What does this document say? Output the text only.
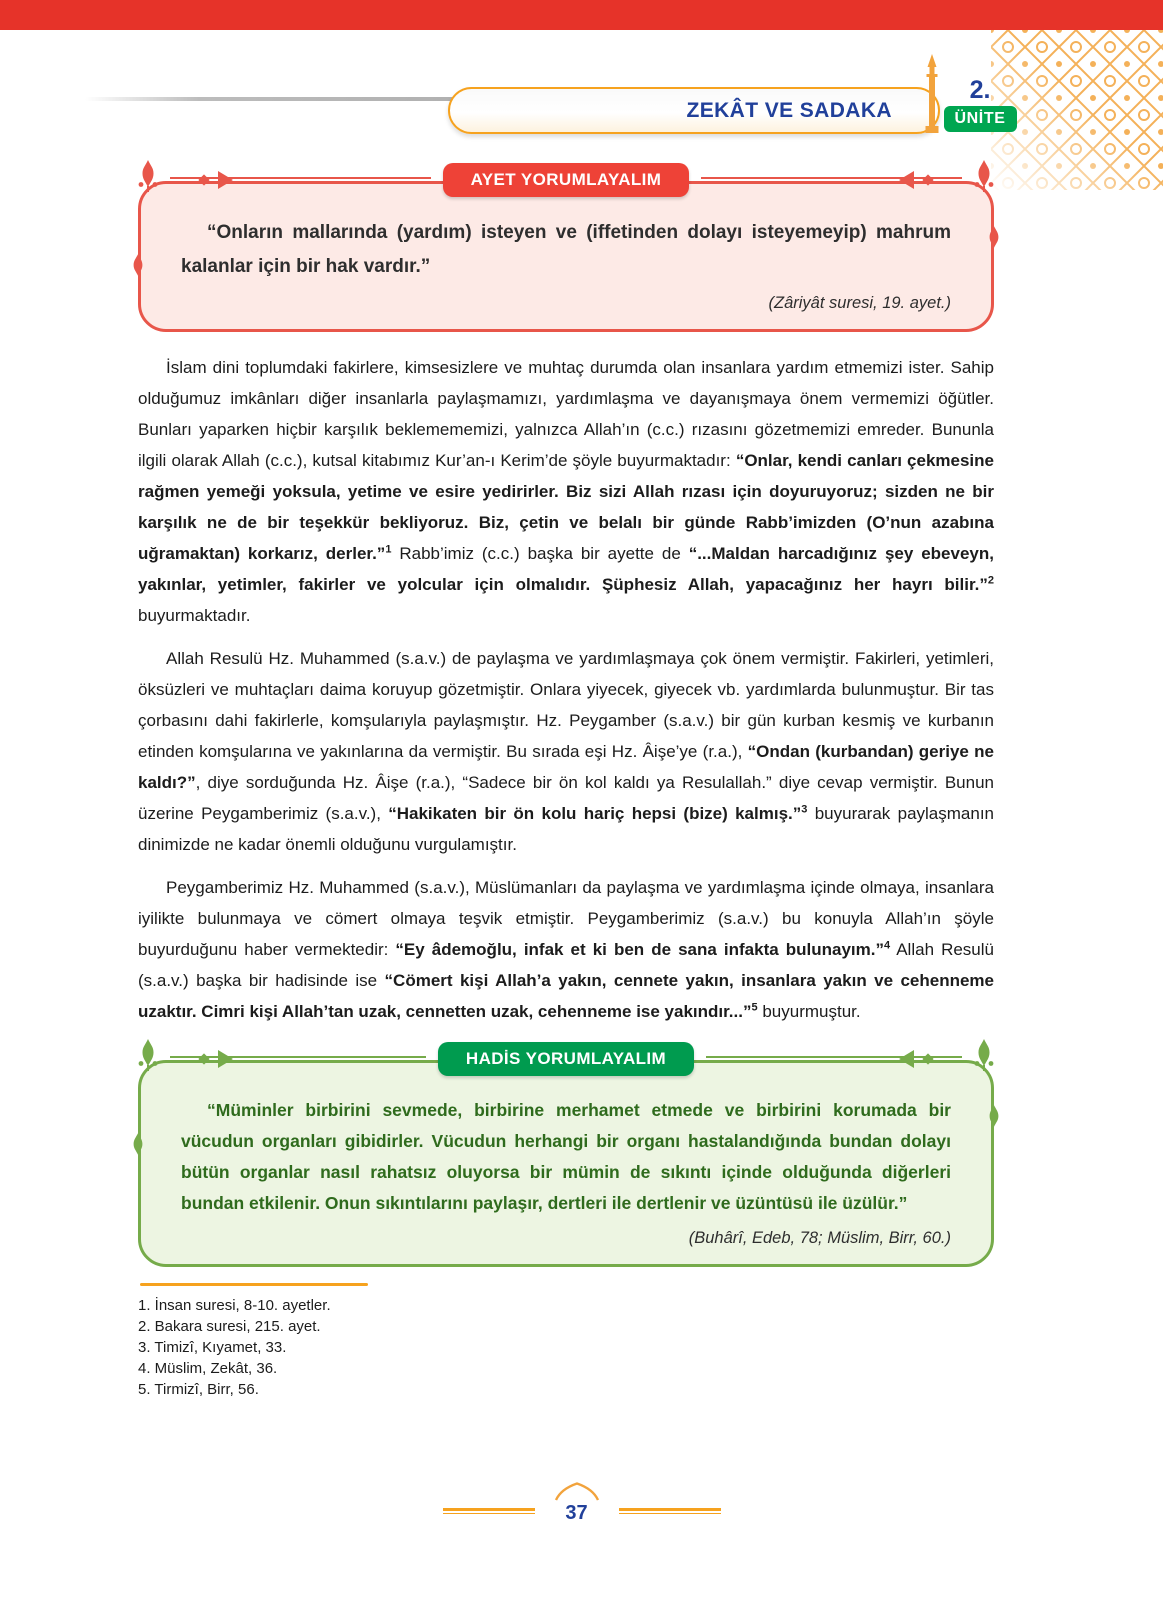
ZEKÂT VE SADAKA
2.
ÜNİTE
AYET YORUMLAYALIM

“Onların mallarında (yardım) isteyen ve (iffetinden dolayı isteyemeyip) mahrum kalanlar için bir hak vardır.”

(Zâriyât suresi, 19. ayet.)

İslam dini toplumdaki fakirlere, kimsesizlere ve muhtaç durumda olan insanlara yardım etmemizi ister. Sahip olduğumuz imkânları diğer insanlarla paylaşmamızı, yardımlaşma ve dayanışmaya önem vermemizi öğütler. Bunları yaparken hiçbir karşılık beklemememizi, yalnızca Allah’ın (c.c.) rızasını gözetmemizi emreder. Bununla ilgili olarak Allah (c.c.), kutsal kitabımız Kur’an-ı Kerim’de şöyle buyurmaktadır: “Onlar, kendi canları çekmesine rağmen yemeği yoksula, yetime ve esire yedirirler. Biz sizi Allah rızası için doyuruyoruz; sizden ne bir karşılık ne de bir teşekkür bekliyoruz. Biz, çetin ve belalı bir günde Rabb’imizden (O’nun azabına uğramaktan) korkarız, derler.”$^1$ Rabb’imiz (c.c.) başka bir ayette de “...Maldan harcadığınız şey ebeveyn, yakınlar, yetimler, fakirler ve yolcular için olmalıdır. Şüphesiz Allah, yapacağınız her hayrı bilir.”$^2$ buyurmaktadır.

Allah Resulü Hz. Muhammed (s.a.v.) de paylaşma ve yardımlaşmaya çok önem vermiştir. Fakirleri, yetimleri, öksüzleri ve muhtaçları daima koruyup gözetmiştir. Onlara yiyecek, giyecek vb. yardımlarda bulunmuştur. Bir tas çorbasını dahi fakirlerle, komşularıyla paylaşmıştır. Hz. Peygamber (s.a.v.) bir gün kurban kesmiş ve kurbanın etinden komşularına ve yakınlarına da vermiştir. Bu sırada eşi Hz. Âişe’ye (r.a.), “Ondan (kurbandan) geriye ne kaldı?”, diye sorduğunda Hz. Âişe (r.a.), “Sadece bir ön kol kaldı ya Resulallah.” diye cevap vermiştir. Bunun üzerine Peygamberimiz (s.a.v.), “Hakikaten bir ön kolu hariç hepsi (bize) kalmış.”$^3$ buyurarak paylaşmanın dinimizde ne kadar önemli olduğunu vurgulamıştır.

Peygamberimiz Hz. Muhammed (s.a.v.), Müslümanları da paylaşma ve yardımlaşma içinde olmaya, insanlara iyilikte bulunmaya ve cömert olmaya teşvik etmiştir. Peygamberimiz (s.a.v.) bu konuyla Allah’ın şöyle buyurduğunu haber vermektedir: “Ey âdemoğlu, infak et ki ben de sana infakta bulunayım.”$^4$ Allah Resulü (s.a.v.) başka bir hadisinde ise “Cömert kişi Allah’a yakın, cennete yakın, insanlara yakın ve cehenneme uzaktır. Cimri kişi Allah’tan uzak, cennetten uzak, cehenneme ise yakındır...”$^5$ buyurmuştur.

HADİS YORUMLAYALIM

“Müminler birbirini sevmede, birbirine merhamet etmede ve birbirini korumada bir vücudun organları gibidirler. Vücudun herhangi bir organı hastalandığında bundan dolayı bütün organlar nasıl rahatsız oluyorsa bir mümin de sıkıntı içinde olduğunda diğerleri bundan etkilenir. Onun sıkıntılarını paylaşır, dertleri ile dertlenir ve üzüntüsü ile üzülür.”

(Buhârî, Edeb, 78; Müslim, Birr, 60.)

1. İnsan suresi, 8-10. ayetler.
2. Bakara suresi, 215. ayet.
3. Timizî, Kıyamet, 33.
4. Müslim, Zekât, 36.
5. Tirmizî, Birr, 56.
37
